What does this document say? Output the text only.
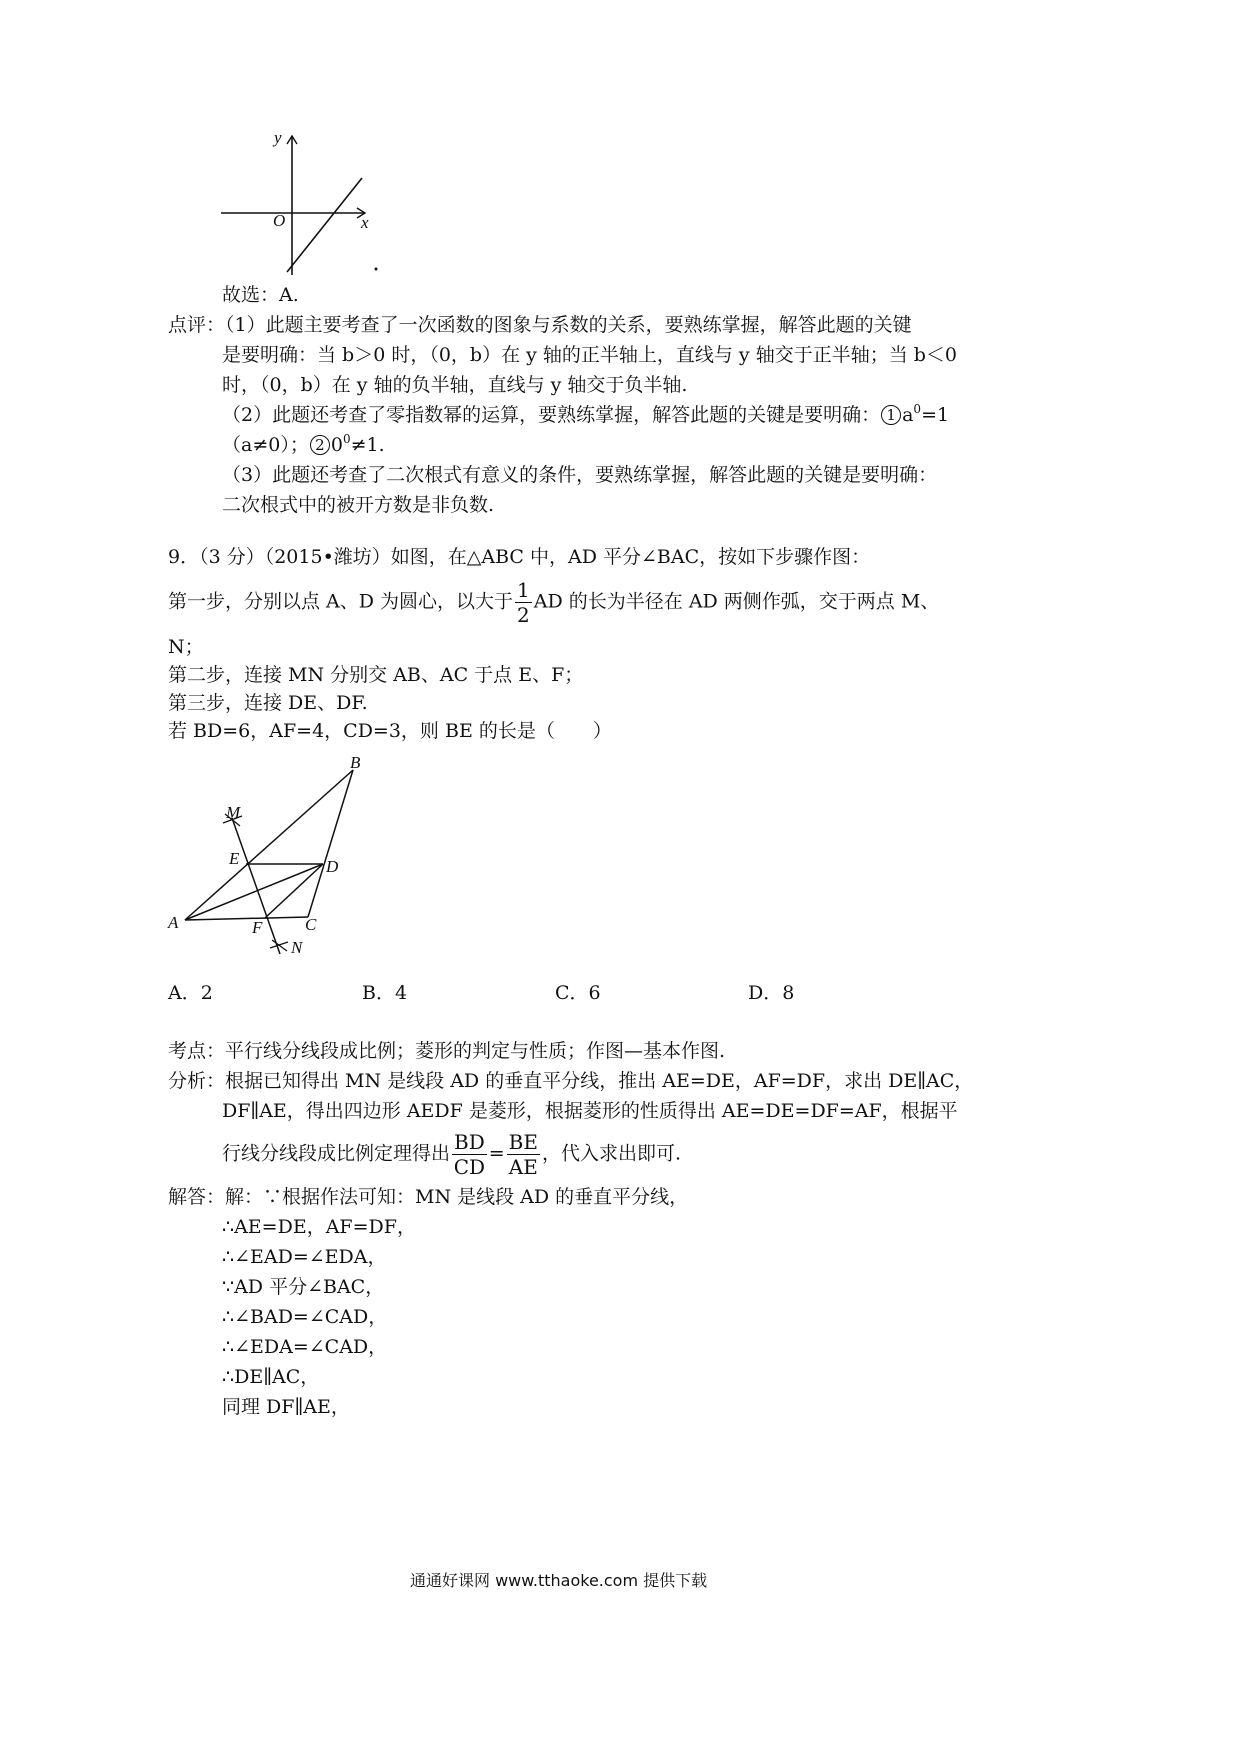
y
x
O
故选：A.
点评：（1）此题主要考查了一次函数的图象与系数的关系，要熟练掌握，解答此题的关键
是要明确：当 b＞0 时，（0，b）在 y 轴的正半轴上，直线与 y 轴交于正半轴；当 b＜0
时，（0，b）在 y 轴的负半轴，直线与 y 轴交于负半轴.
（2）此题还考查了零指数幂的运算，要熟练掌握，解答此题的关键是要明确： 1 $a^0=1$
（a≠0）； 2 $0^0\ne 1$.
（3）此题还考查了二次根式有意义的条件，要熟练掌握，解答此题的关键是要明确：
二次根式中的被开方数是非负数.
9．（3 分）（2015•潍坊）如图，在△ABC 中，AD 平分∠BAC，按如下步骤作图：
第一步，分别以点 A、D 为圆心，以大于 $\frac{1}{2}$ AD 的长为半径在 AD 两侧作弧，交于两点 M、
N；
第二步，连接 MN 分别交 AB、AC 于点 E、F；
第三步，连接 DE、DF.
若 BD=6，AF=4，CD=3，则 BE 的长是（　　）
B
M
E	D
A	F	C
N
A．2	B．4	C．6	D．8
考点：平行线分线段成比例；菱形的判定与性质；作图—基本作图.
分析：根据已知得出 MN 是线段 AD 的垂直平分线，推出 AE=DE，AF=DF，求出 DE∥AC，
DF∥AE，得出四边形 AEDF 是菱形，根据菱形的性质得出 AE=DE=DF=AF，根据平
行线分线段成比例定理得出 $\frac{BD}{CD} = \frac{BE}{AE}$ ，代入求出即可.
解答：解：∵根据作法可知：MN 是线段 AD 的垂直平分线，
∴AE=DE，AF=DF，
∴∠EAD=∠EDA，
∵AD 平分∠BAC，
∴∠BAD=∠CAD，
∴∠EDA=∠CAD，
∴DE∥AC，
同理 DF∥AE，
通通好课网 www.tthaoke.com 提供下载
